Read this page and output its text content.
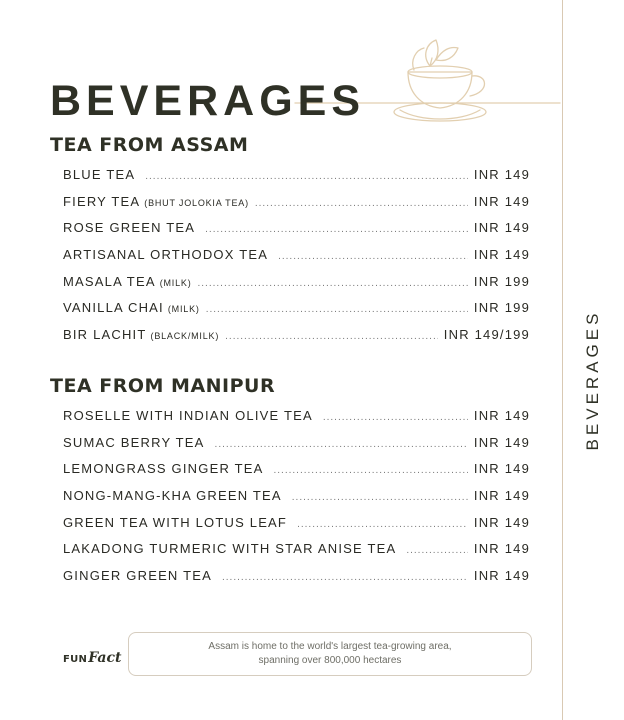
BEVERAGES
BEVERAGES
TEA FROM ASSAM
BLUE TEA .....	INR 149
FIERY TEA (BHUT JOLOKIA TEA) .....	INR 149
ROSE GREEN TEA .....	INR 149
ARTISANAL ORTHODOX TEA .....	INR 149
MASALA TEA (MILK) .....	INR 199
VANILLA CHAI (MILK) .....	INR 199
BIR LACHIT (BLACK/MILK) .....	INR 149/199
TEA FROM MANIPUR
ROSELLE WITH INDIAN OLIVE TEA .....	INR 149
SUMAC BERRY TEA .....	INR 149
LEMONGRASS GINGER TEA .....	INR 149
NONG-MANG-KHA GREEN TEA .....	INR 149
GREEN TEA WITH LOTUS LEAF .....	INR 149
LAKADONG TURMERIC WITH STAR ANISE TEA .....	INR 149
GINGER GREEN TEA .....	INR 149
FUN Fact
Assam is home to the world's largest tea-growing area,
spanning over 800,000 hectares
